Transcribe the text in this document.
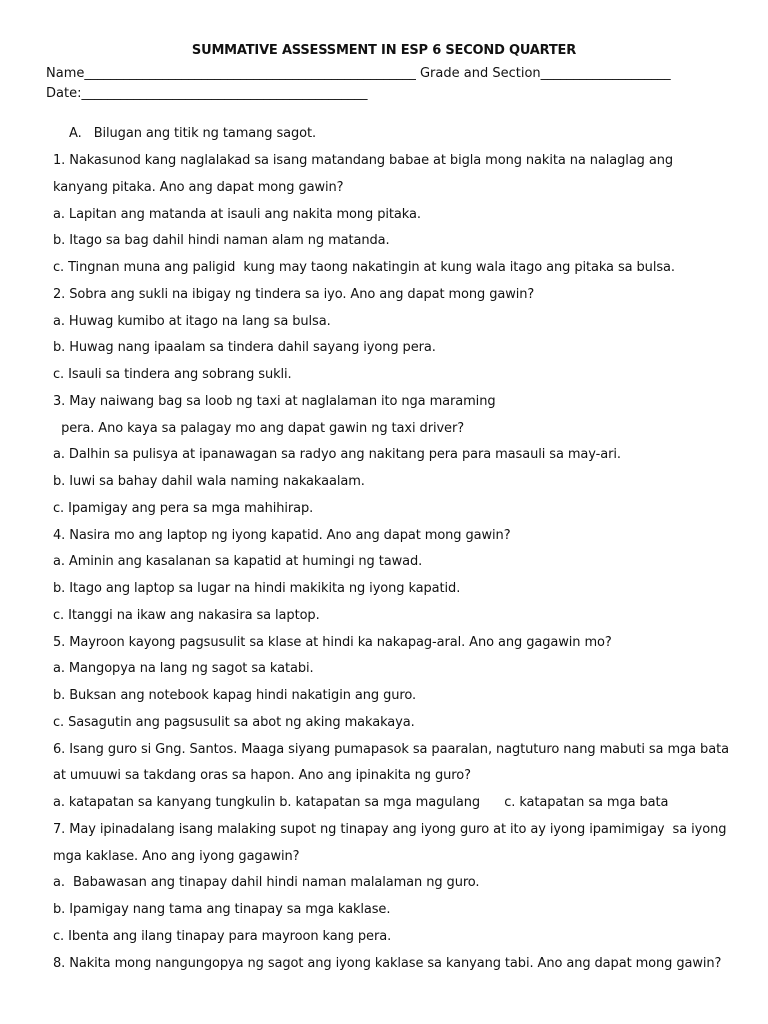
SUMMATIVE ASSESSMENT IN ESP 6 SECOND QUARTER
Name___________________________________________________ Grade and Section____________________
Date:____________________________________________
A.   Bilugan ang titik ng tamang sagot.
1. Nakasunod kang naglalakad sa isang matandang babae at bigla mong nakita na nalaglag ang
kanyang pitaka. Ano ang dapat mong gawin?
a. Lapitan ang matanda at isauli ang nakita mong pitaka.
b. Itago sa bag dahil hindi naman alam ng matanda.
c. Tingnan muna ang paligid  kung may taong nakatingin at kung wala itago ang pitaka sa bulsa.
2. Sobra ang sukli na ibigay ng tindera sa iyo. Ano ang dapat mong gawin?
a. Huwag kumibo at itago na lang sa bulsa.
b. Huwag nang ipaalam sa tindera dahil sayang iyong pera.
c. Isauli sa tindera ang sobrang sukli.
3. May naiwang bag sa loob ng taxi at naglalaman ito nga maraming
pera. Ano kaya sa palagay mo ang dapat gawin ng taxi driver?
a. Dalhin sa pulisya at ipanawagan sa radyo ang nakitang pera para masauli sa may-ari.
b. Iuwi sa bahay dahil wala naming nakakaalam.
c. Ipamigay ang pera sa mga mahihirap.
4. Nasira mo ang laptop ng iyong kapatid. Ano ang dapat mong gawin?
a. Aminin ang kasalanan sa kapatid at humingi ng tawad.
b. Itago ang laptop sa lugar na hindi makikita ng iyong kapatid.
c. Itanggi na ikaw ang nakasira sa laptop.
5. Mayroon kayong pagsusulit sa klase at hindi ka nakapag-aral. Ano ang gagawin mo?
a. Mangopya na lang ng sagot sa katabi.
b. Buksan ang notebook kapag hindi nakatigin ang guro.
c. Sasagutin ang pagsusulit sa abot ng aking makakaya.
6. Isang guro si Gng. Santos. Maaga siyang pumapasok sa paaralan, nagtuturo nang mabuti sa mga bata
at umuuwi sa takdang oras sa hapon. Ano ang ipinakita ng guro?
a. katapatan sa kanyang tungkulin b. katapatan sa mga magulang      c. katapatan sa mga bata
7. May ipinadalang isang malaking supot ng tinapay ang iyong guro at ito ay iyong ipamimigay  sa iyong
mga kaklase. Ano ang iyong gagawin?
a.  Babawasan ang tinapay dahil hindi naman malalaman ng guro.
b. Ipamigay nang tama ang tinapay sa mga kaklase.
c. Ibenta ang ilang tinapay para mayroon kang pera.
8. Nakita mong nangungopya ng sagot ang iyong kaklase sa kanyang tabi. Ano ang dapat mong gawin?
